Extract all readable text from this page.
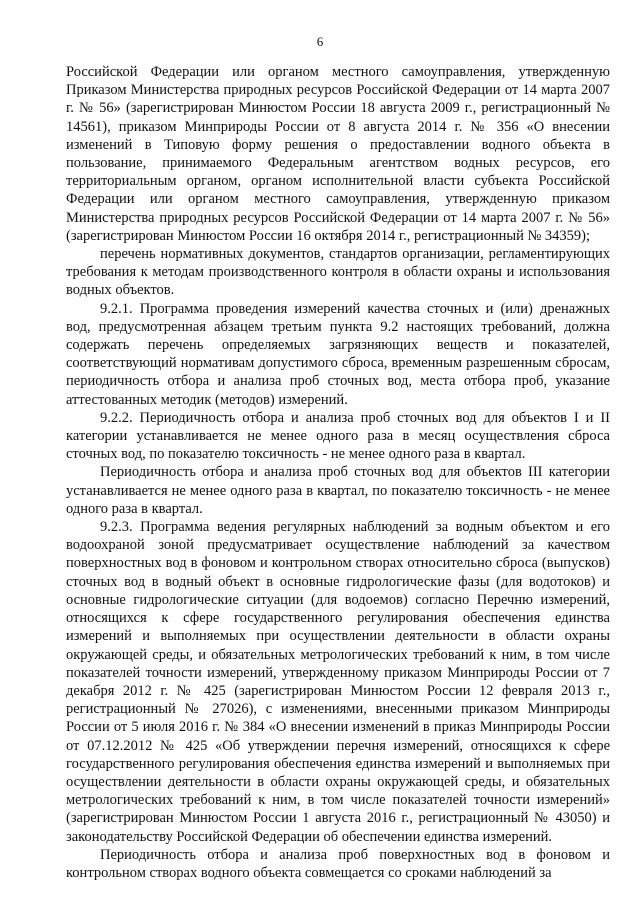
6

Российской Федерации или органом местного самоуправления, утвержденную Приказом Министерства природных ресурсов Российской Федерации от 14 марта 2007 г. № 56» (зарегистрирован Минюстом России 18 августа 2009 г., регистрационный № 14561), приказом Минприроды России от 8 августа 2014 г. № 356 «О внесении изменений в Типовую форму решения о предоставлении водного объекта в пользование, принимаемого Федеральным агентством водных ресурсов, его территориальным органом, органом исполнительной власти субъекта Российской Федерации или органом местного самоуправления, утвержденную приказом Министерства природных ресурсов Российской Федерации от 14 марта 2007 г. № 56» (зарегистрирован Минюстом России 16 октября 2014 г., регистрационный № 34359);

перечень нормативных документов, стандартов организации, регламентирующих требования к методам производственного контроля в области охраны и использования водных объектов.

9.2.1. Программа проведения измерений качества сточных и (или) дренажных вод, предусмотренная абзацем третьим пункта 9.2 настоящих требований, должна содержать перечень определяемых загрязняющих веществ и показателей, соответствующий нормативам допустимого сброса, временным разрешенным сбросам, периодичность отбора и анализа проб сточных вод, места отбора проб, указание аттестованных методик (методов) измерений.

9.2.2. Периодичность отбора и анализа проб сточных вод для объектов I и II категории устанавливается не менее одного раза в месяц осуществления сброса сточных вод, по показателю токсичность - не менее одного раза в квартал.

Периодичность отбора и анализа проб сточных вод для объектов III категории устанавливается не менее одного раза в квартал, по показателю токсичность - не менее одного раза в квартал.

9.2.3. Программа ведения регулярных наблюдений за водным объектом и его водоохраной зоной предусматривает осуществление наблюдений за качеством поверхностных вод в фоновом и контрольном створах относительно сброса (выпусков) сточных вод в водный объект в основные гидрологические фазы (для водотоков) и основные гидрологические ситуации (для водоемов) согласно Перечню измерений, относящихся к сфере государственного регулирования обеспечения единства измерений и выполняемых при осуществлении деятельности в области охраны окружающей среды, и обязательных метрологических требований к ним, в том числе показателей точности измерений, утвержденному приказом Минприроды России от 7 декабря 2012 г. № 425 (зарегистрирован Минюстом России 12 февраля 2013 г., регистрационный № 27026), с изменениями, внесенными приказом Минприроды России от 5 июля 2016 г. № 384 «О внесении изменений в приказ Минприроды России от 07.12.2012 № 425 «Об утверждении перечня измерений, относящихся к сфере государственного регулирования обеспечения единства измерений и выполняемых при осуществлении деятельности в области охраны окружающей среды, и обязательных метрологических требований к ним, в том числе показателей точности измерений» (зарегистрирован Минюстом России 1 августа 2016 г., регистрационный № 43050) и законодательству Российской Федерации об обеспечении единства измерений.

Периодичность отбора и анализа проб поверхностных вод в фоновом и контрольном створах водного объекта совмещается со сроками наблюдений за
